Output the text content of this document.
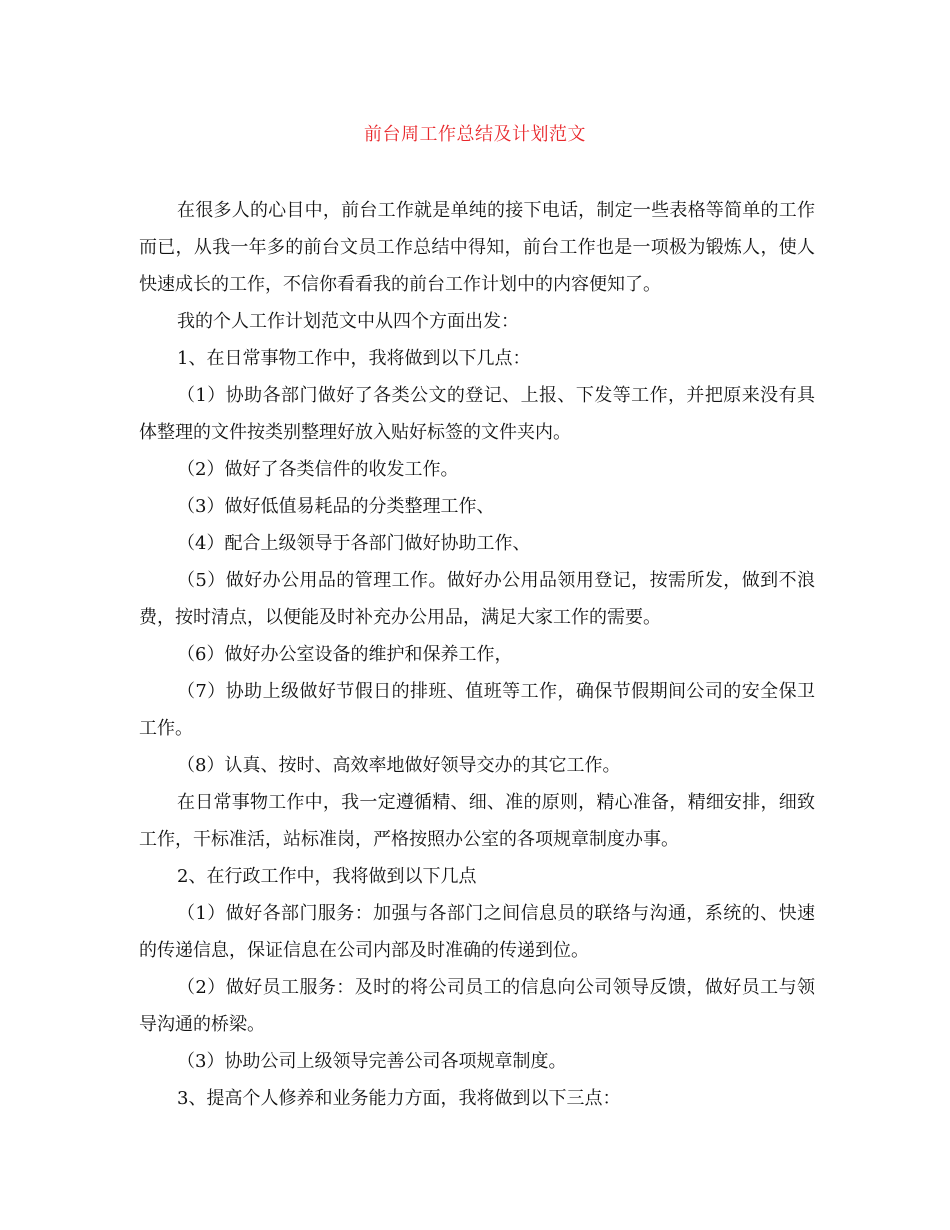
前台周工作总结及计划范文

在很多人的心目中，前台工作就是单纯的接下电话，制定一些表格等简单的工作而已，从我一年多的前台文员工作总结中得知，前台工作也是一项极为锻炼人，使人快速成长的工作，不信你看看我的前台工作计划中的内容便知了。

我的个人工作计划范文中从四个方面出发：

1、在日常事物工作中，我将做到以下几点：

（1）协助各部门做好了各类公文的登记、上报、下发等工作，并把原来没有具体整理的文件按类别整理好放入贴好标签的文件夹内。

（2）做好了各类信件的收发工作。

（3）做好低值易耗品的分类整理工作、

（4）配合上级领导于各部门做好协助工作、

（5）做好办公用品的管理工作。做好办公用品领用登记，按需所发，做到不浪费，按时清点，以便能及时补充办公用品，满足大家工作的需要。

（6）做好办公室设备的维护和保养工作，

（7）协助上级做好节假日的排班、值班等工作，确保节假期间公司的安全保卫工作。

（8）认真、按时、高效率地做好领导交办的其它工作。

在日常事物工作中，我一定遵循精、细、准的原则，精心准备，精细安排，细致工作，干标准活，站标准岗，严格按照办公室的各项规章制度办事。

2、在行政工作中，我将做到以下几点

（1）做好各部门服务：加强与各部门之间信息员的联络与沟通，系统的、快速的传递信息，保证信息在公司内部及时准确的传递到位。

（2）做好员工服务：及时的将公司员工的信息向公司领导反馈，做好员工与领导沟通的桥梁。

（3）协助公司上级领导完善公司各项规章制度。

3、提高个人修养和业务能力方面，我将做到以下三点：
